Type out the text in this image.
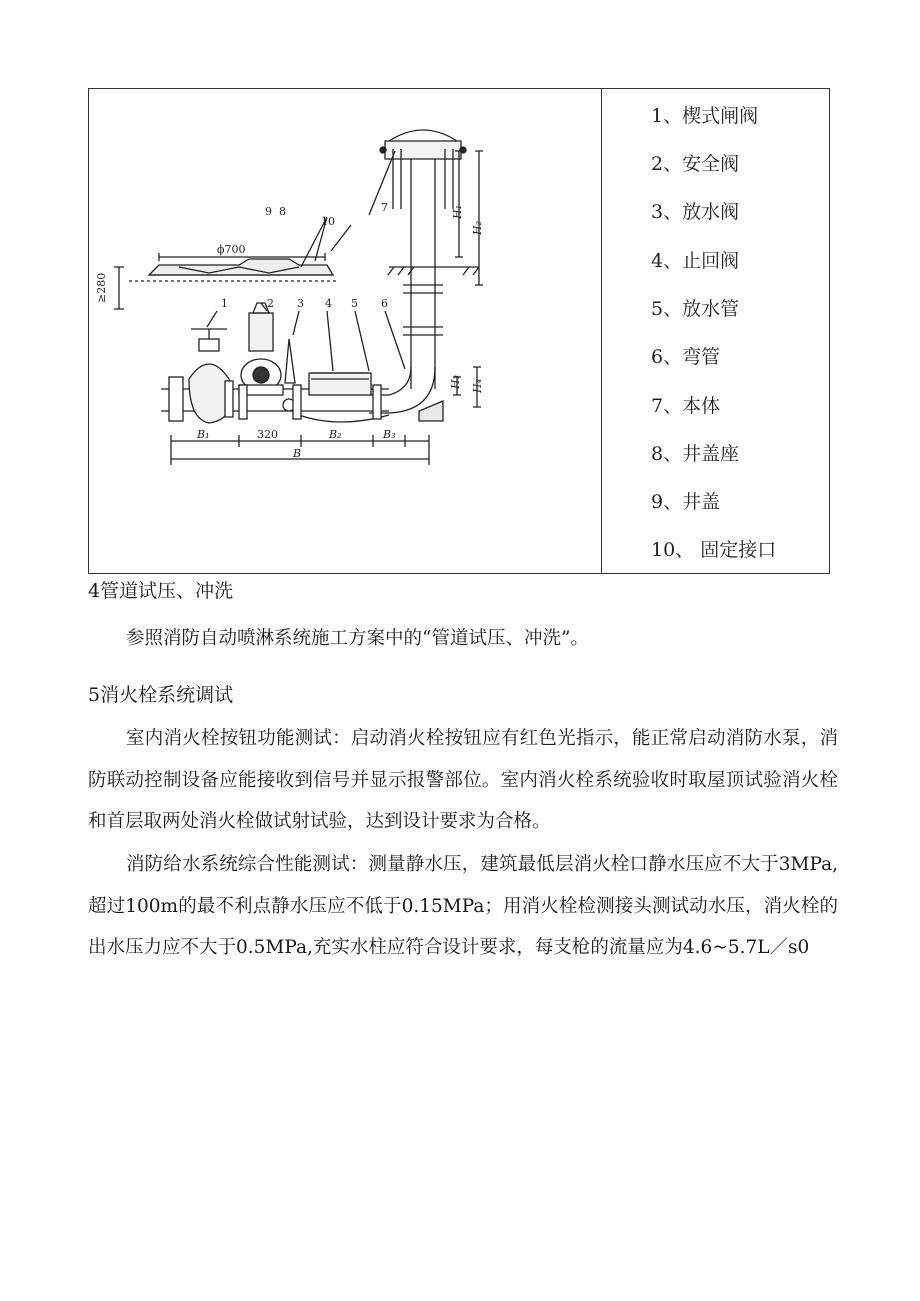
1	2 3 4 5 6
7
8
9
10
ϕ700
≥280
320
B₁	B₂	B₃
B
H₁
H₂
H₃ H₄
1、楔式闸阀
2、安全阀
3、放水阀
4、止回阀
5、放水管
6、弯管
7、本体
8、井盖座
9、井盖
10、 固定接口
4管道试压、冲洗
参照消防自动喷淋系统施工方案中的“管道试压、冲洗”。
5消火栓系统调试
室内消火栓按钮功能测试：启动消火栓按钮应有红色光指示，能正常启动消防水泵，消防联动控制设备应能接收到信号并显示报警部位。室内消火栓系统验收时取屋顶试验消火栓和首层取两处消火栓做试射试验，达到设计要求为合格。
消防给水系统综合性能测试：测量静水压，建筑最低层消火栓口静水压应不大于3MPa,超过100m的最不利点静水压应不低于0.15MPa；用消火栓检测接头测试动水压，消火栓的出水压力应不大于0.5MPa,充实水柱应符合设计要求，每支枪的流量应为4.6~5.7L／s0
